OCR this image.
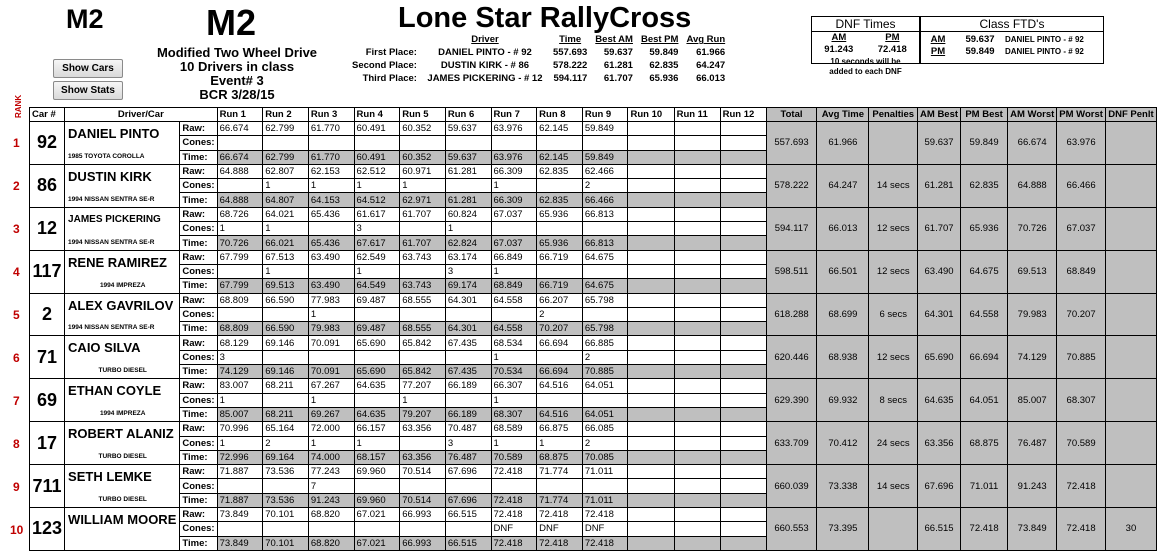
M2	M2
Modified Two Wheel Drive
10 Drivers in class
Event# 3
BCR 3/28/15
Lone Star RallyCross
Show Cars
Show Stats
RANK
	Driver	Time	Best AM	Best PM	Avg Run
First Place:	DANIEL PINTO - # 92	557.693	59.637	59.849	61.966
Second Place:	DUSTIN KIRK - # 86	578.222	61.281	62.835	64.247
Third Place:	JAMES PICKERING - # 12	594.117	61.707	65.936	66.013
DNF Times
AM	PM
91.243	72.418
10 seconds will be
added to each DNF
Class FTD's
AM	59.637	DANIEL PINTO - # 92
PM	59.849	DANIEL PINTO - # 92
1
2
3
4
5
6
7
8
9
10
Car #	Driver/Car		Run 1	Run 2	Run 3	Run 4	Run 5	Run 6	Run 7	Run 8	Run 9	Run 10	Run 11	Run 12	Total	Avg Time	Penalties	AM Best	PM Best	AM Worst	PM Worst	DNF Penlt
92	DANIEL PINTO
1985 TOYOTA COROLLA	Raw:	66.674	62.799	61.770	60.491	60.352	59.637	63.976	62.145	59.849				557.693	61.966		59.637	59.849	66.674	63.976	
		Cones:																				
		Time:	66.674	62.799	61.770	60.491	60.352	59.637	63.976	62.145	59.849											
86	DUSTIN KIRK
1994 NISSAN SENTRA SE-R	Raw:	64.888	62.807	62.153	62.512	60.971	61.281	66.309	62.835	62.466				578.222	64.247	14 secs	61.281	62.835	64.888	66.466	
		Cones:		1	1	1	1		1		2											
		Time:	64.888	64.807	64.153	64.512	62.971	61.281	66.309	62.835	66.466											
12	JAMES PICKERING
1994 NISSAN SENTRA SE-R	Raw:	68.726	64.021	65.436	61.617	61.707	60.824	67.037	65.936	66.813				594.117	66.013	12 secs	61.707	65.936	70.726	67.037	
		Cones:	1	1		3		1														
		Time:	70.726	66.021	65.436	67.617	61.707	62.824	67.037	65.936	66.813											
117	RENE RAMIREZ
1994 IMPREZA	Raw:	67.799	67.513	63.490	62.549	63.743	63.174	66.849	66.719	64.675				598.511	66.501	12 secs	63.490	64.675	69.513	68.849	
		Cones:		1		1		3	1													
		Time:	67.799	69.513	63.490	64.549	63.743	69.174	68.849	66.719	64.675											
2	ALEX GAVRILOV
1994 NISSAN SENTRA SE-R	Raw:	68.809	66.590	77.983	69.487	68.555	64.301	64.558	66.207	65.798				618.288	68.699	6 secs	64.301	64.558	79.983	70.207	
		Cones:			1					2												
		Time:	68.809	66.590	79.983	69.487	68.555	64.301	64.558	70.207	65.798											
71	CAIO SILVA
TURBO DIESEL	Raw:	68.129	69.146	70.091	65.690	65.842	67.435	68.534	66.694	66.885				620.446	68.938	12 secs	65.690	66.694	74.129	70.885	
		Cones:	3						1		2											
		Time:	74.129	69.146	70.091	65.690	65.842	67.435	70.534	66.694	70.885											
69	ETHAN COYLE
1994 IMPREZA	Raw:	83.007	68.211	67.267	64.635	77.207	66.189	66.307	64.516	64.051				629.390	69.932	8 secs	64.635	64.051	85.007	68.307	
		Cones:	1		1		1		1													
		Time:	85.007	68.211	69.267	64.635	79.207	66.189	68.307	64.516	64.051											
17	ROBERT ALANIZ
TURBO DIESEL	Raw:	70.996	65.164	72.000	66.157	63.356	70.487	68.589	66.875	66.085				633.709	70.412	24 secs	63.356	68.875	76.487	70.589	
		Cones:	1	2	1	1		3	1	1	2											
		Time:	72.996	69.164	74.000	68.157	63.356	76.487	70.589	68.875	70.085											
711	SETH LEMKE
TURBO DIESEL	Raw:	71.887	73.536	77.243	69.960	70.514	67.696	72.418	71.774	71.011				660.039	73.338	14 secs	67.696	71.011	91.243	72.418	
		Cones:			7																	
		Time:	71.887	73.536	91.243	69.960	70.514	67.696	72.418	71.774	71.011											
123	WILLIAM MOORE	Raw:	73.849	70.101	68.820	67.021	66.993	66.515	72.418	72.418	72.418				660.553	73.395		66.515	72.418	73.849	72.418	30
		Cones:							DNF	DNF	DNF											
		Time:	73.849	70.101	68.820	67.021	66.993	66.515	72.418	72.418	72.418											
